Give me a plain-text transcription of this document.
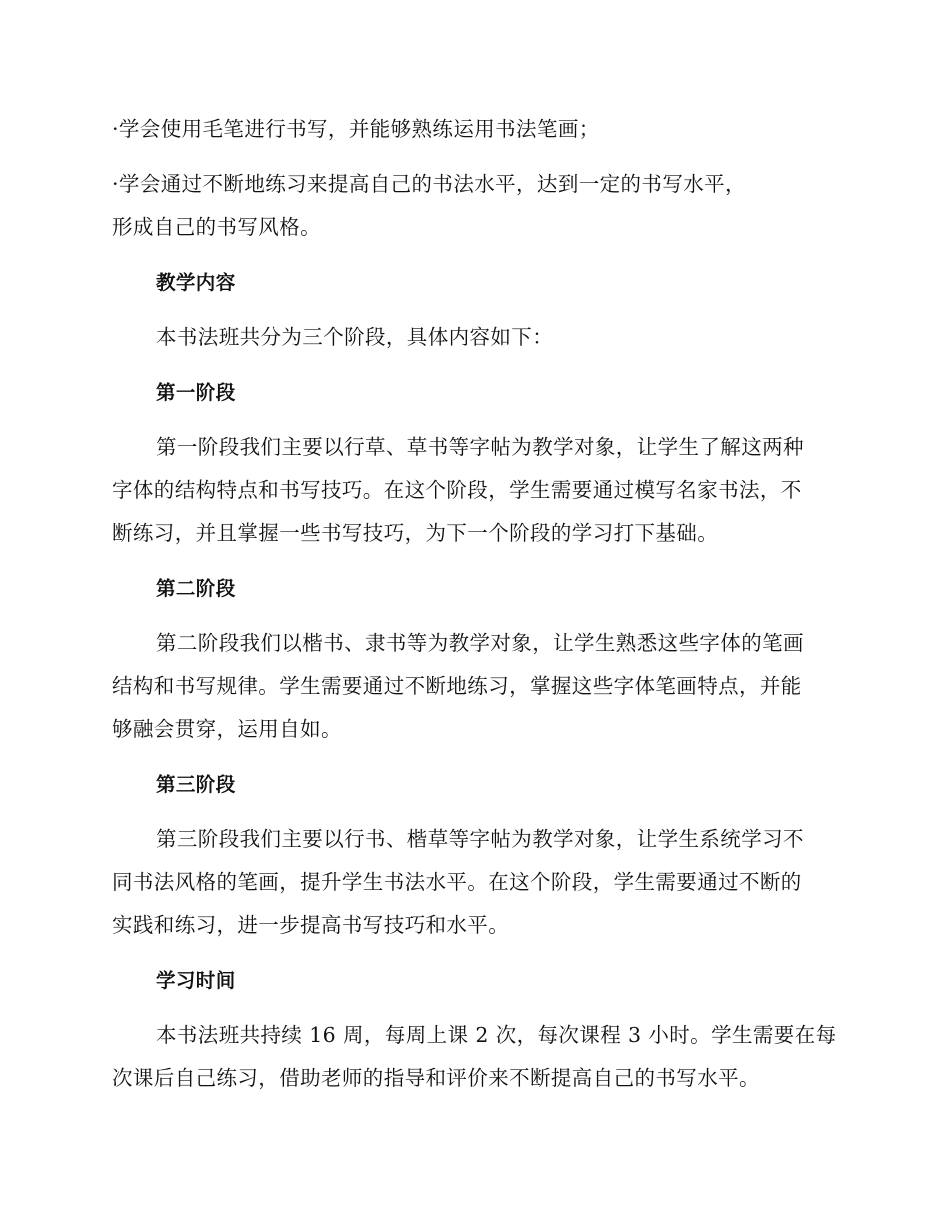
·学会使用毛笔进行书写，并能够熟练运用书法笔画；

·学会通过不断地练习来提高自己的书法水平，达到一定的书写水平，

形成自己的书写风格。

教学内容

本书法班共分为三个阶段，具体内容如下：

第一阶段

第一阶段我们主要以行草、草书等字帖为教学对象，让学生了解这两种

字体的结构特点和书写技巧。在这个阶段，学生需要通过模写名家书法，不

断练习，并且掌握一些书写技巧，为下一个阶段的学习打下基础。

第二阶段

第二阶段我们以楷书、隶书等为教学对象，让学生熟悉这些字体的笔画

结构和书写规律。学生需要通过不断地练习，掌握这些字体笔画特点，并能

够融会贯穿，运用自如。

第三阶段

第三阶段我们主要以行书、楷草等字帖为教学对象，让学生系统学习不

同书法风格的笔画，提升学生书法水平。在这个阶段，学生需要通过不断的

实践和练习，进一步提高书写技巧和水平。

学习时间

本书法班共持续 16 周，每周上课 2 次，每次课程 3 小时。学生需要在每

次课后自己练习，借助老师的指导和评价来不断提高自己的书写水平。
